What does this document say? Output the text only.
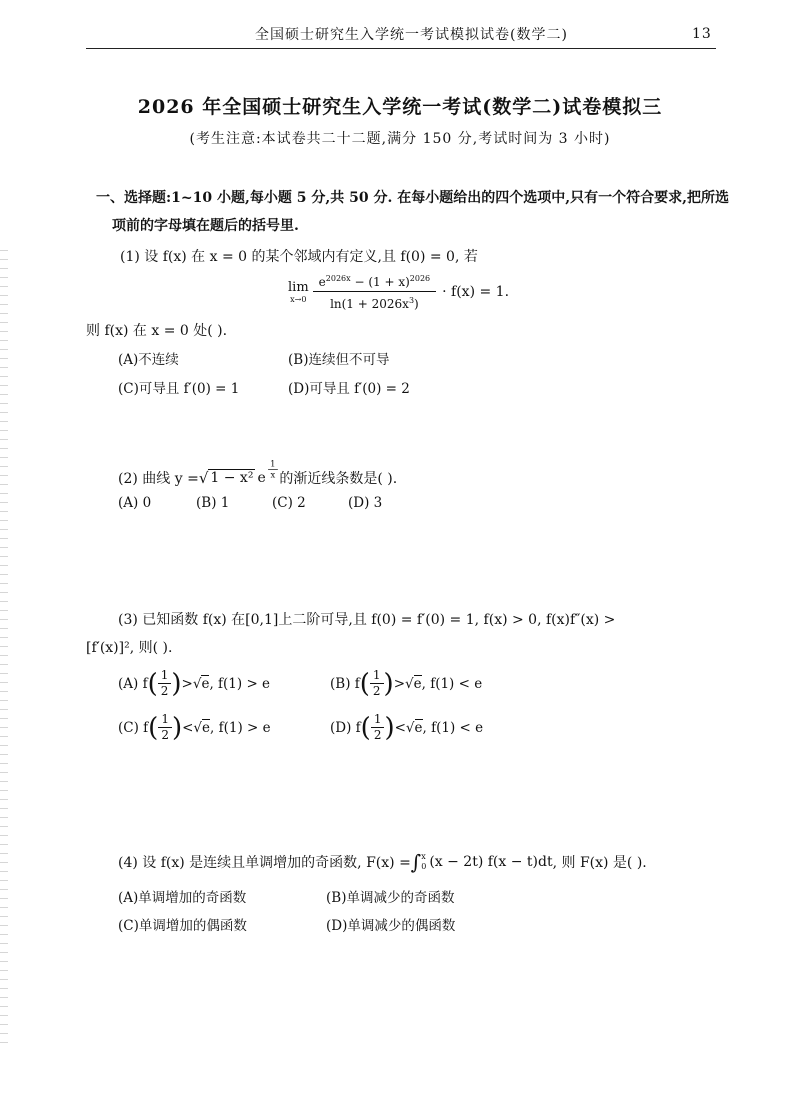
全国硕士研究生入学统一考试模拟试卷(数学二)	13
2026 年全国硕士研究生入学统一考试(数学二)试卷模拟三
(考生注意:本试卷共二十二题,满分 150 分,考试时间为 3 小时)
一、选择题:1~10 小题,每小题 5 分,共 50 分. 在每小题给出的四个选项中,只有一个符合要求,把所选
项前的字母填在题后的括号里.
(1) 设 f(x) 在 x = 0 的某个邻域内有定义,且 f(0) = 0, 若
lim
$x\to 0 \frac{e^{2026x} - (1 + x)^{2026}}{\ln(1 + 2026x^3)} \cdot f(x) = 1$.
则 f(x) 在 x = 0 处( ).
(A)不连续	(B)连续但不可导
(C)可导且 f′(0) = 1	(D)可导且 f′(0) = 2
(2) 曲线 y = √ 1 − x² e $\frac{1}{x}$ 的渐近线条数是( ).
(A) 0	(B) 1	(C) 2	(D) 3
(3) 已知函数 f(x) 在[0,1]上二阶可导,且 f(0) = f′(0) = 1, f(x) > 0, f(x)f″(x) >
[f′(x)]², 则( ).
(A) f ( $\frac{1}{2}$ ) > √ e , f(1) > e	(B) f ( $\frac{1}{2}$ ) > √ e , f(1) < e
(C) f ( $\frac{1}{2}$ ) < √ e , f(1) > e	(D) f ( $\frac{1}{2}$ ) < √ e , f(1) < e
(4) 设 f(x) 是连续且单调增加的奇函数, F(x) = ∫ x
0 (x − 2t) f(x − t)dt , 则 F(x) 是( ).
(A)单调增加的奇函数	(B)单调减少的奇函数
(C)单调增加的偶函数	(D)单调减少的偶函数
